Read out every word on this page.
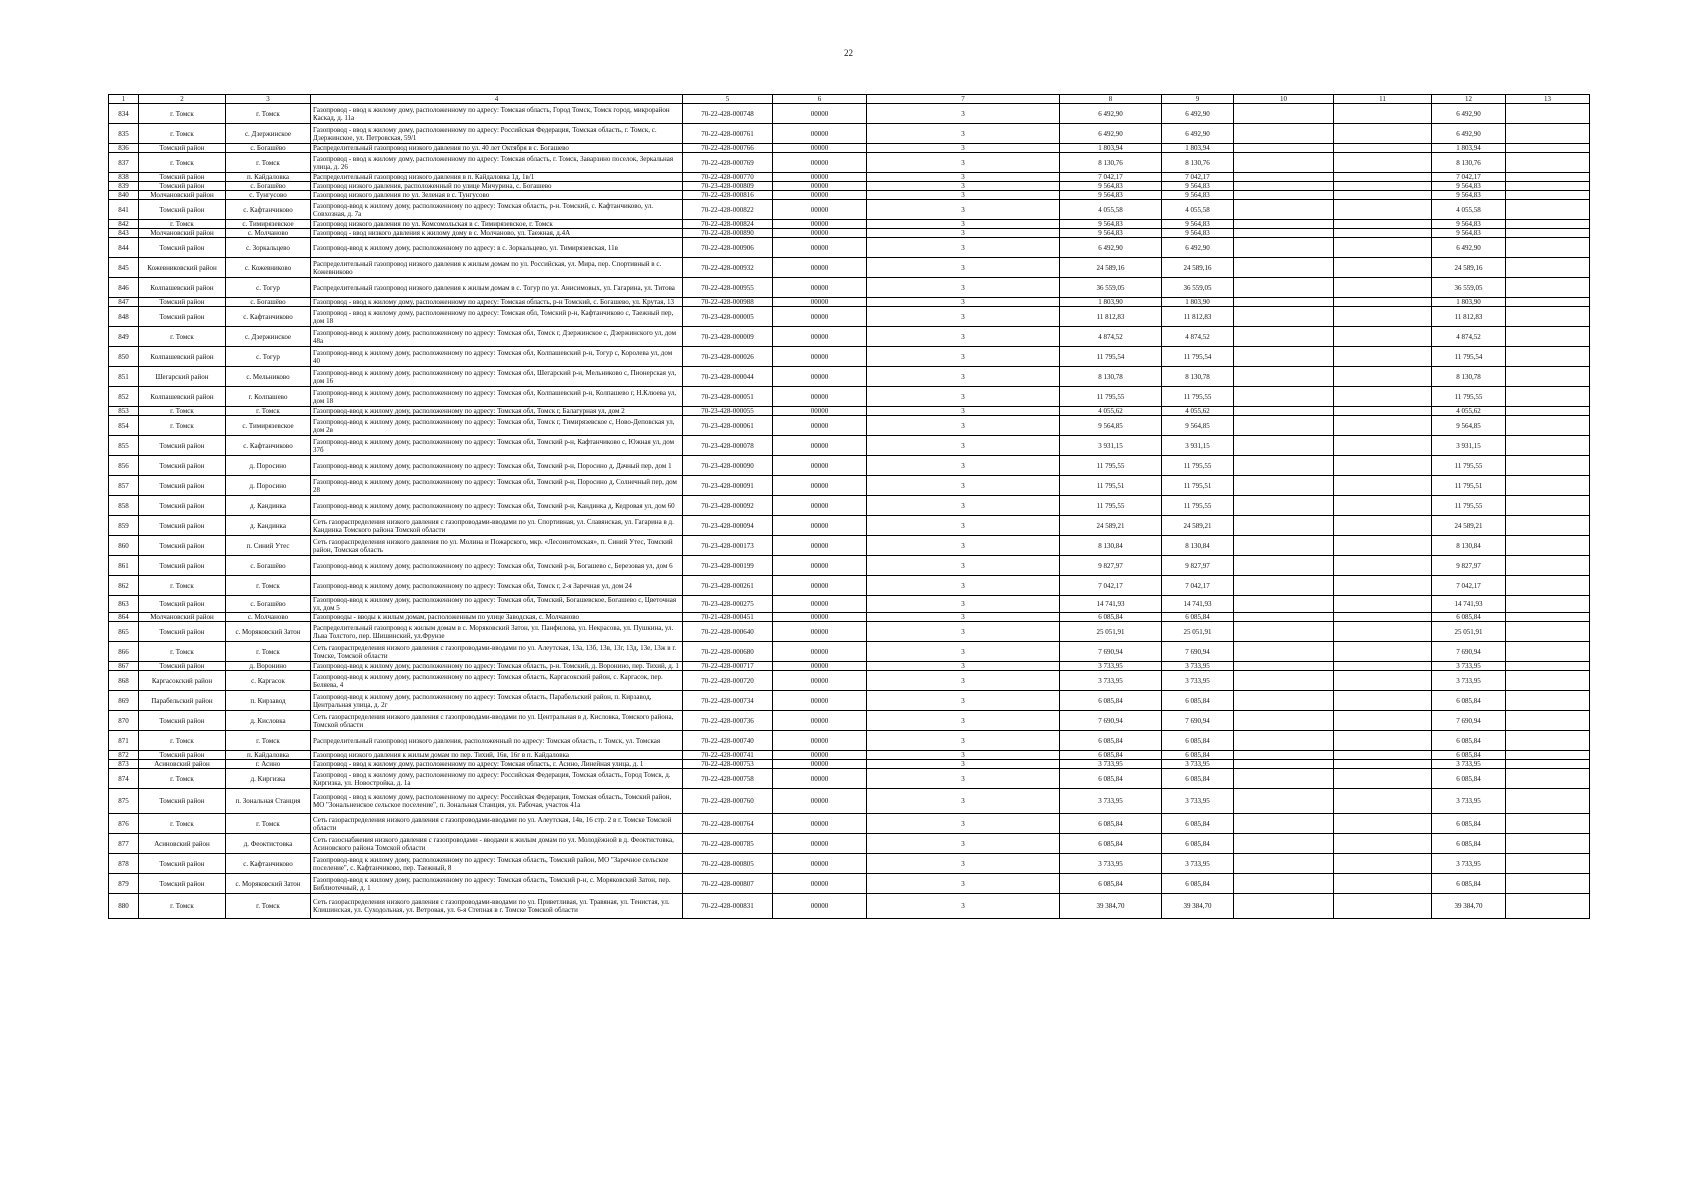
22
1	2	3	4	5	6	7	8	9	10	11	12	13
834	г. Томск	г. Томск	Газопровод - ввод к жилому дому, расположенному по адресу: Томская область, Город Томск, Томск город, микрорайон Каскад, д. 11а	70-22-428-000748	00000	3	6 492,90	6 492,90			6 492,90	
835	г. Томск	с. Дзержинское	Газопровод - ввод к жилому дому, расположенному по адресу: Российская Федерация, Томская область, г. Томск, с. Дзержинское, ул. Петровская, 59/1	70-22-428-000761	00000	3	6 492,90	6 492,90			6 492,90	
836	Томский район	с. Богашёво	Распределительный газопровод низкого давления по ул. 40 лет Октября в с. Богашево	70-22-428-000766	00000	3	1 803,94	1 803,94			1 803,94	
837	г. Томск	г. Томск	Газопровод - ввод к жилому дому, расположенному по адресу: Томская область, г. Томск, Заварзино поселок, Зеркальная улица, д. 26	70-22-428-000769	00000	3	8 130,76	8 130,76			8 130,76	
838	Томский район	п. Кайдаловка	Распределительный газопровод низкого давления в п. Кайдаловка 1д, 1в/1	70-22-428-000770	00000	3	7 042,17	7 042,17			7 042,17	
839	Томский район	с. Богашёво	Газопровод низкого давления, расположенный по улице Мичурина, с. Богашево	70-23-428-000809	00000	3	9 564,83	9 564,83			9 564,83	
840	Молчановский район	с. Тунгусово	Газопровод низкого давления по ул. Зеленая в с. Тунгусово	70-22-428-000816	00000	3	9 564,83	9 564,83			9 564,83	
841	Томский район	с. Кафтанчиково	Газопровод-ввод к жилому дому, расположенному по адресу: Томская область, р-н. Томский, с. Кафтанчиково, ул. Совхозная, д. 7а	70-22-428-000822	00000	3	4 055,58	4 055,58			4 055,58	
842	г. Томск	с. Тимирязевское	Газопровод низкого давления по ул. Комсомольская в с. Тимирязевское, г. Томск	70-22-428-000824	00000	3	9 564,83	9 564,83			9 564,83	
843	Молчановский район	с. Молчаново	Газопровод - ввод низкого давления к жилому дому в с. Молчаново, ул. Таежная, д.4А	70-22-428-000890	00000	3	9 564,83	9 564,83			9 564,83	
844	Томский район	с. Зоркальцево	Газопровод-ввод к жилому дому, расположенному по адресу: в с. Зоркальцево, ул. Тимирязевская, 11в	70-22-428-000906	00000	3	6 492,90	6 492,90			6 492,90	
845	Кожевниковский район	с. Кожевниково	Распределительный газопровод низкого давления к жилым домам по ул. Российская, ул. Мира, пер. Спортивный в с. Кожевниково	70-22-428-000932	00000	3	24 589,16	24 589,16			24 589,16	
846	Колпашевский район	с. Тогур	Распределительный газопровод низкого давления к жилым домам в с. Тогур по ул. Анисимовых, ул. Гагарина, ул. Титова	70-22-428-000955	00000	3	36 559,05	36 559,05			36 559,05	
847	Томский район	с. Богашёво	Газопровод - ввод к жилому дому, расположенному по адресу: Томская область, р-н Томский, с. Богашево, ул. Крутая, 13	70-22-428-000988	00000	3	1 803,90	1 803,90			1 803,90	
848	Томский район	с. Кафтанчиково	Газопровод - ввод к жилому дому, расположенному по адресу: Томская обл, Томский р-н, Кафтанчиково с, Таежный пер, дом 18	70-23-428-000005	00000	3	11 812,83	11 812,83			11 812,83	
849	г. Томск	с. Дзержинское	Газопровод-ввод к жилому дому, расположенному по адресу: Томская обл, Томск г, Дзержинское с, Дзержинского ул, дом 48а	70-23-428-000009	00000	3	4 874,52	4 874,52			4 874,52	
850	Колпашевский район	с. Тогур	Газопровод-ввод к жилому дому, расположенному по адресу: Томская обл, Колпашевский р-н, Тогур с, Королева ул, дом 40	70-23-428-000026	00000	3	11 795,54	11 795,54			11 795,54	
851	Шегарский район	с. Мельниково	Газопровод-ввод к жилому дому, расположенному по адресу: Томская обл, Шегарский р-н, Мельниково с, Пионерская ул, дом 16	70-23-428-000044	00000	3	8 130,78	8 130,78			8 130,78	
852	Колпашевский район	г. Колпашево	Газопровод-ввод к жилому дому, расположенному по адресу: Томская обл, Колпашевский р-н, Колпашево г, Н.Клюева ул, дом 18	70-23-428-000051	00000	3	11 795,55	11 795,55			11 795,55	
853	г. Томск	г. Томск	Газопровод-ввод к жилому дому, расположенному по адресу: Томская обл, Томск г, Балагурная ул, дом 2	70-23-428-000055	00000	3	4 055,62	4 055,62			4 055,62	
854	г. Томск	с. Тимирязевское	Газопровод-ввод к жилому дому, расположенному по адресу: Томская обл, Томск г, Тимирязевское с, Ново-Деповская ул, дом 2в	70-23-428-000061	00000	3	9 564,85	9 564,85			9 564,85	
855	Томский район	с. Кафтанчиково	Газопровод-ввод к жилому дому, расположенному по адресу: Томская обл, Томский р-н, Кафтанчиково с, Южная ул, дом 37б	70-23-428-000078	00000	3	3 931,15	3 931,15			3 931,15	
856	Томский район	д. Поросино	Газопровод-ввод к жилому дому, расположенному по адресу: Томская обл, Томский р-н, Поросино д, Дачный пер, дом 1	70-23-428-000090	00000	3	11 795,55	11 795,55			11 795,55	
857	Томский район	д. Поросино	Газопровод-ввод к жилому дому, расположенному по адресу: Томская обл, Томский р-н, Поросино д, Солнечный пер, дом 28	70-23-428-000091	00000	3	11 795,51	11 795,51			11 795,51	
858	Томский район	д. Кандинка	Газопровод-ввод к жилому дому, расположенному по адресу: Томская обл, Томский р-н, Кандинка д, Кедровая ул, дом 60	70-23-428-000092	00000	3	11 795,55	11 795,55			11 795,55	
859	Томский район	д. Кандинка	Сеть газораспределения низкого давления с газопроводами-вводами по ул. Спортивная, ул. Славянская, ул. Гагарина в д. Кандинка Томского района Томской области	70-23-428-000094	00000	3	24 589,21	24 589,21			24 589,21	
860	Томский район	п. Синий Утес	Сеть газораспределения низкого давления по ул. Молина и Пожарского, мкр. «Лесоинтомская», п. Синий Утес, Томский район, Томская область	70-23-428-000173	00000	3	8 130,84	8 130,84			8 130,84	
861	Томский район	с. Богашёво	Газопровод-ввод к жилому дому, расположенному по адресу: Томская обл, Томский р-н, Богашево с, Березовая ул, дом 6	70-23-428-000199	00000	3	9 827,97	9 827,97			9 827,97	
862	г. Томск	г. Томск	Газопровод-ввод к жилому дому, расположенному по адресу: Томская обл, Томск г, 2-я Заречная ул, дом 24	70-23-428-000261	00000	3	7 042,17	7 042,17			7 042,17	
863	Томский район	с. Богашёво	Газопровод-ввод к жилому дому, расположенному по адресу: Томская обл, Томский, Богашевское, Богашево с, Цветочная ул, дом 5	70-23-428-000275	00000	3	14 741,93	14 741,93			14 741,93	
864	Молчановский район	с. Молчаново	Газопроводы - вводы к жилым домам, расположенным по улице Заводская, с. Молчаново	70-21-428-000451	00000	3	6 085,84	6 085,84			6 085,84	
865	Томский район	с. Моряковский Затон	Распределительный газопровод к жилым домам в с. Моряковский Затон, ул. Панфилова, ул. Некрасова, ул. Пушкина, ул. Льва Толстого, пер. Шишинский, ул.Фрунзе	70-22-428-000640	00000	3	25 051,91	25 051,91			25 051,91	
866	г. Томск	г. Томск	Сеть газораспределения низкого давления с газопроводами-вводами по ул. Алеутская, 13а, 13б, 13в, 13г, 13д, 13е, 13ж в г. Томске, Томской области	70-22-428-000680	00000	3	7 690,94	7 690,94			7 690,94	
867	Томский район	д. Воронино	Газопровод-ввод к жилому дому, расположенному по адресу: Томская область, р-н. Томский, д. Воронино, пер. Тихий, д. 1	70-22-428-000717	00000	3	3 733,95	3 733,95			3 733,95	
868	Каргасокский район	с. Каргасок	Газопровод-ввод к жилому дому, расположенному по адресу: Томская область, Каргасокский район, с. Каргасок, пер. Беляева, 4	70-22-428-000720	00000	3	3 733,95	3 733,95			3 733,95	
869	Парабельский район	п. Кирзавод	Газопровод-ввод к жилому дому, расположенному по адресу: Томская область, Парабельский район, п. Кирзавод, Центральная улица, д. 2г	70-22-428-000734	00000	3	6 085,84	6 085,84			6 085,84	
870	Томский район	д. Кисловка	Сеть газораспределения низкого давления с газопроводами-вводами по ул. Центральная в д. Кисловка, Томского района, Томской области	70-22-428-000736	00000	3	7 690,94	7 690,94			7 690,94	
871	г. Томск	г. Томск	Распределительный газопровод низкого давления, расположенный по адресу: Томская область, г. Томск, ул. Томская	70-22-428-000740	00000	3	6 085,84	6 085,84			6 085,84	
872	Томский район	п. Кайдаловка	Газопровод низкого давления к жилым домам по пер. Тихий, 16в, 16г в п. Кайдаловка	70-22-428-000741	00000	3	6 085,84	6 085,84			6 085,84	
873	Асиновский район	г. Асино	Газопровод - ввод к жилому дому, расположенному по адресу: Томская область, г. Асино, Линейная улица, д. 1	70-22-428-000753	00000	3	3 733,95	3 733,95			3 733,95	
874	г. Томск	д. Киргизка	Газопровод - ввод к жилому дому, расположенному по адресу: Российская Федерация, Томская область, Город Томск, д. Киргизка, ул. Новостройка, д. 1а	70-22-428-000758	00000	3	6 085,84	6 085,84			6 085,84	
875	Томский район	п. Зональная Станция	Газопровод - ввод к жилому дому, расположенному по адресу: Российская Федерация, Томская область, Томский район, МО "Зональненское сельское поселение", п. Зональная Станция, ул. Рабочая, участок 41а	70-22-428-000760	00000	3	3 733,95	3 733,95			3 733,95	
876	г. Томск	г. Томск	Сеть газораспределения низкого давления с газопроводами-вводами по ул. Алеутская, 14в, 16 стр. 2 в г. Томске Томской области	70-22-428-000764	00000	3	6 085,84	6 085,84			6 085,84	
877	Асиновский район	д. Феоктистовка	Сеть газоснабжения низкого давления с газопроводами - вводами к жилым домам по ул. Молодёжной в д. Феоктистовка, Асиновского района Томской области	70-22-428-000785	00000	3	6 085,84	6 085,84			6 085,84	
878	Томский район	с. Кафтанчиково	Газопровод-ввод к жилому дому, расположенному по адресу: Томская область, Томский район, МО "Заречное сельское поселение", с. Кафтанчиково, пер. Таежный, 8	70-22-428-000805	00000	3	3 733,95	3 733,95			3 733,95	
879	Томский район	с. Моряковский Затон	Газопровод-ввод к жилому дому, расположенному по адресу: Томская область, Томский р-н, с. Моряковский Затон, пер. Библиотечный, д. 1	70-22-428-000807	00000	3	6 085,84	6 085,84			6 085,84	
880	г. Томск	г. Томск	Сеть газораспределения низкого давления с газопроводами-вводами по ул. Приветливая, ул. Травяная, ул. Тенистая, ул. Клишинская, ул. Суходольная, ул. Ветровая, ул. 6-я Степная в г. Томске Томской области	70-22-428-000831	00000	3	39 384,70	39 384,70			39 384,70	
